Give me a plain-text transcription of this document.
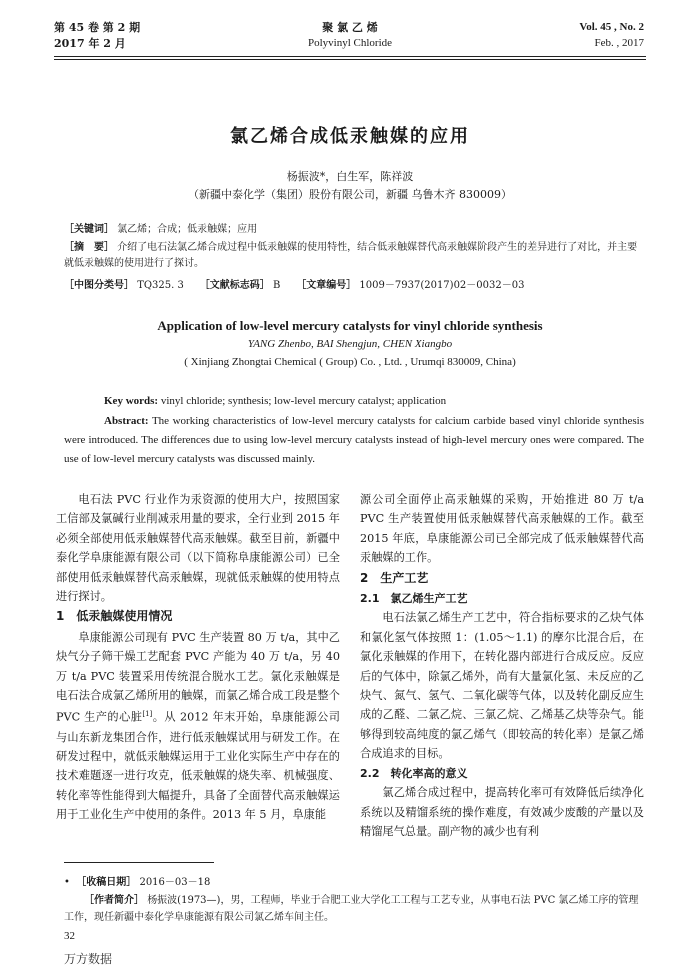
第 45 卷 第 2 期
2017 年 2 月
聚 氯 乙 烯
Polyvinyl Chloride
Vol. 45 , No. 2
Feb. , 2017
氯乙烯合成低汞触媒的应用
杨振波*，白生军，陈祥波
（新疆中泰化学（集团）股份有限公司，新疆 乌鲁木齐 830009）
［关键词］ 氯乙烯；合成；低汞触媒；应用
［摘　要］ 介绍了电石法氯乙烯合成过程中低汞触媒的使用特性，结合低汞触媒替代高汞触媒阶段产生的差异进行了对比，并主要就低汞触媒的使用进行了探讨。
［中图分类号］ TQ325. 3 ［文献标志码］ B ［文章编号］ 1009－7937(2017)02－0032－03
Application of low-level mercury catalysts for vinyl chloride synthesis
YANG Zhenbo, BAI Shengjun, CHEN Xiangbo
( Xinjiang Zhongtai Chemical ( Group) Co. , Ltd. , Urumqi 830009, China)
Key words: vinyl chloride; synthesis; low-level mercury catalyst; application
Abstract: The working characteristics of low-level mercury catalysts for calcium carbide based vinyl chloride synthesis were introduced. The differences due to using low-level mercury catalysts instead of high-level mercury ones were compared. The use of low-level mercury catalysts was discussed mainly.

电石法 PVC 行业作为汞资源的使用大户，按照国家工信部及氯碱行业削减汞用量的要求，全行业到 2015 年必须全部使用低汞触媒替代高汞触媒。截至目前，新疆中泰化学阜康能源有限公司（以下简称阜康能源公司）已全部使用低汞触媒替代高汞触媒，现就低汞触媒的使用特点进行探讨。

1　低汞触媒使用情况

阜康能源公司现有 PVC 生产装置 80 万 t/a，其中乙炔气分子筛干燥工艺配套 PVC 产能为 40 万 t/a，另 40 万 t/a PVC 装置采用传统混合脱水工艺。氯化汞触媒是电石法合成氯乙烯所用的触媒，而氯乙烯合成工段是整个 PVC 生产的心脏[1]。从 2012 年末开始，阜康能源公司与山东新龙集团合作，进行低汞触媒试用与研发工作。在研发过程中，就低汞触媒运用于工业化实际生产中存在的技术难题逐一进行攻克，低汞触媒的烧失率、机械强度、转化率等性能得到大幅提升，具备了全面替代高汞触媒运用于工业化生产中使用的条件。2013 年 5 月，阜康能

源公司全面停止高汞触媒的采购，开始推进 80 万 t/a PVC 生产装置使用低汞触媒替代高汞触媒的工作。截至 2015 年底，阜康能源公司已全部完成了低汞触媒替代高汞触媒的工作。

2　生产工艺

2.1　氯乙烯生产工艺

电石法氯乙烯生产工艺中，符合指标要求的乙炔气体和氯化氢气体按照 1：(1.05～1.1) 的摩尔比混合后，在氯化汞触媒的作用下，在转化器内部进行合成反应。反应后的气体中，除氯乙烯外，尚有大量氯化氢、未反应的乙炔气、氮气、氢气、二氧化碳等气体，以及转化副反应生成的乙醛、二氯乙烷、三氯乙烷、乙烯基乙炔等杂气。能够得到较高纯度的氯乙烯气（即较高的转化率）是氯乙烯合成追求的目标。

2.2　转化率高的意义

氯乙烯合成过程中，提高转化率可有效降低后续净化系统以及精馏系统的操作难度，有效减少废酸的产量以及精馏尾气总量。副产物的减少也有利

• ［收稿日期］ 2016－03－18
［作者简介］ 杨振波(1973—)，男，工程师，毕业于合肥工业大学化工工程与工艺专业，从事电石法 PVC 氯乙烯工序的管理工作，现任新疆中泰化学阜康能源有限公司氯乙烯车间主任。
32
万方数据
